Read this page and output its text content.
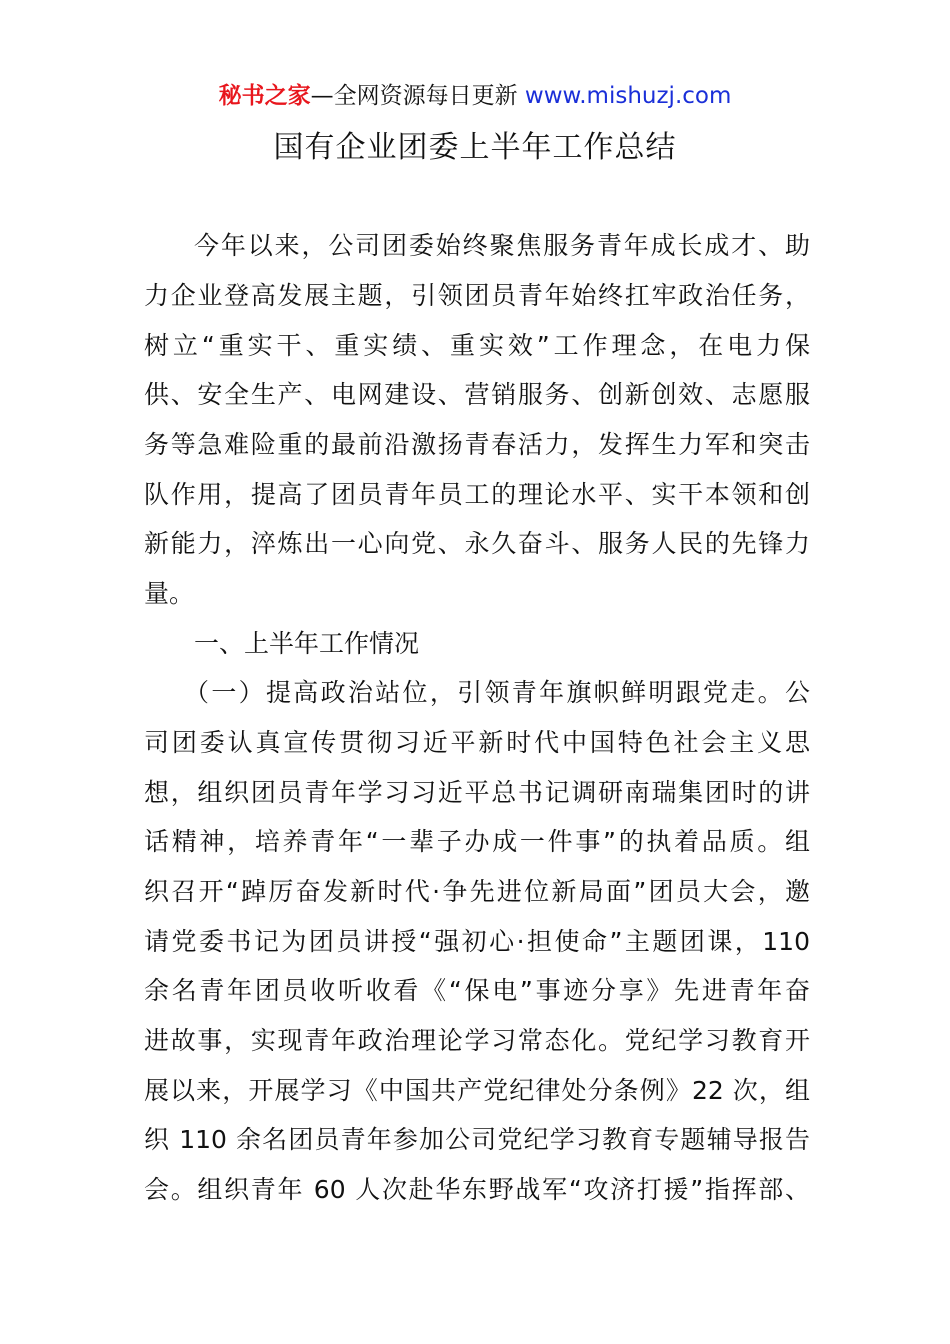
秘书之家—全网资源每日更新 www.mishuzj.com
国有企业团委上半年工作总结
今年以来，公司团委始终聚焦服务青年成长成才、助
力企业登高发展主题，引领团员青年始终扛牢政治任务，
树立“重实干、重实绩、重实效”工作理念，在电力保
供、安全生产、电网建设、营销服务、创新创效、志愿服
务等急难险重的最前沿激扬青春活力，发挥生力军和突击
队作用，提高了团员青年员工的理论水平、实干本领和创
新能力，淬炼出一心向党、永久奋斗、服务人民的先锋力
量。
一、上半年工作情况
（一）提高政治站位，引领青年旗帜鲜明跟党走。公
司团委认真宣传贯彻习近平新时代中国特色社会主义思
想，组织团员青年学习习近平总书记调研南瑞集团时的讲
话精神，培养青年“一辈子办成一件事”的执着品质。组
织召开“踔厉奋发新时代·争先进位新局面”团员大会，邀
请党委书记为团员讲授“强初心·担使命”主题团课，110
余名青年团员收听收看《“保电”事迹分享》先进青年奋
进故事，实现青年政治理论学习常态化。党纪学习教育开
展以来，开展学习《中国共产党纪律处分条例》22 次，组
织 110 余名团员青年参加公司党纪学习教育专题辅导报告
会。组织青年 60 人次赴华东野战军“攻济打援”指挥部、
